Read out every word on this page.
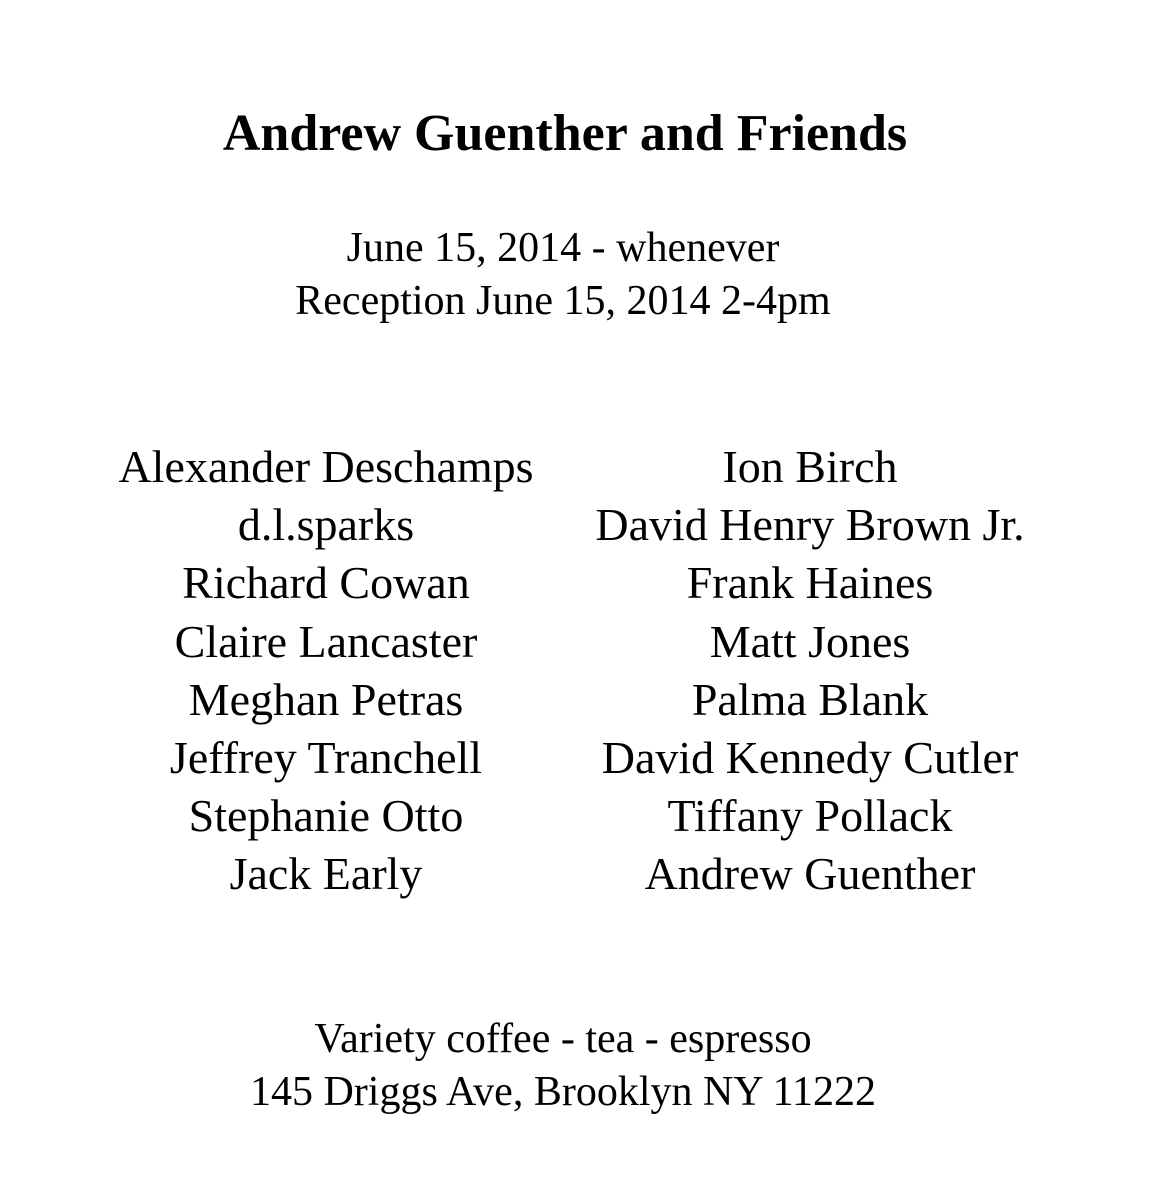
Andrew Guenther and Friends
June 15, 2014 - whenever
Reception June 15, 2014 2-4pm
Alexander Deschamps
d.l.sparks
Richard Cowan
Claire Lancaster
Meghan Petras
Jeffrey Tranchell
Stephanie Otto
Jack Early
Ion Birch
David Henry Brown Jr.
Frank Haines
Matt Jones
Palma Blank
David Kennedy Cutler
Tiffany Pollack
Andrew Guenther
Variety coffee - tea - espresso
145 Driggs Ave, Brooklyn NY 11222
